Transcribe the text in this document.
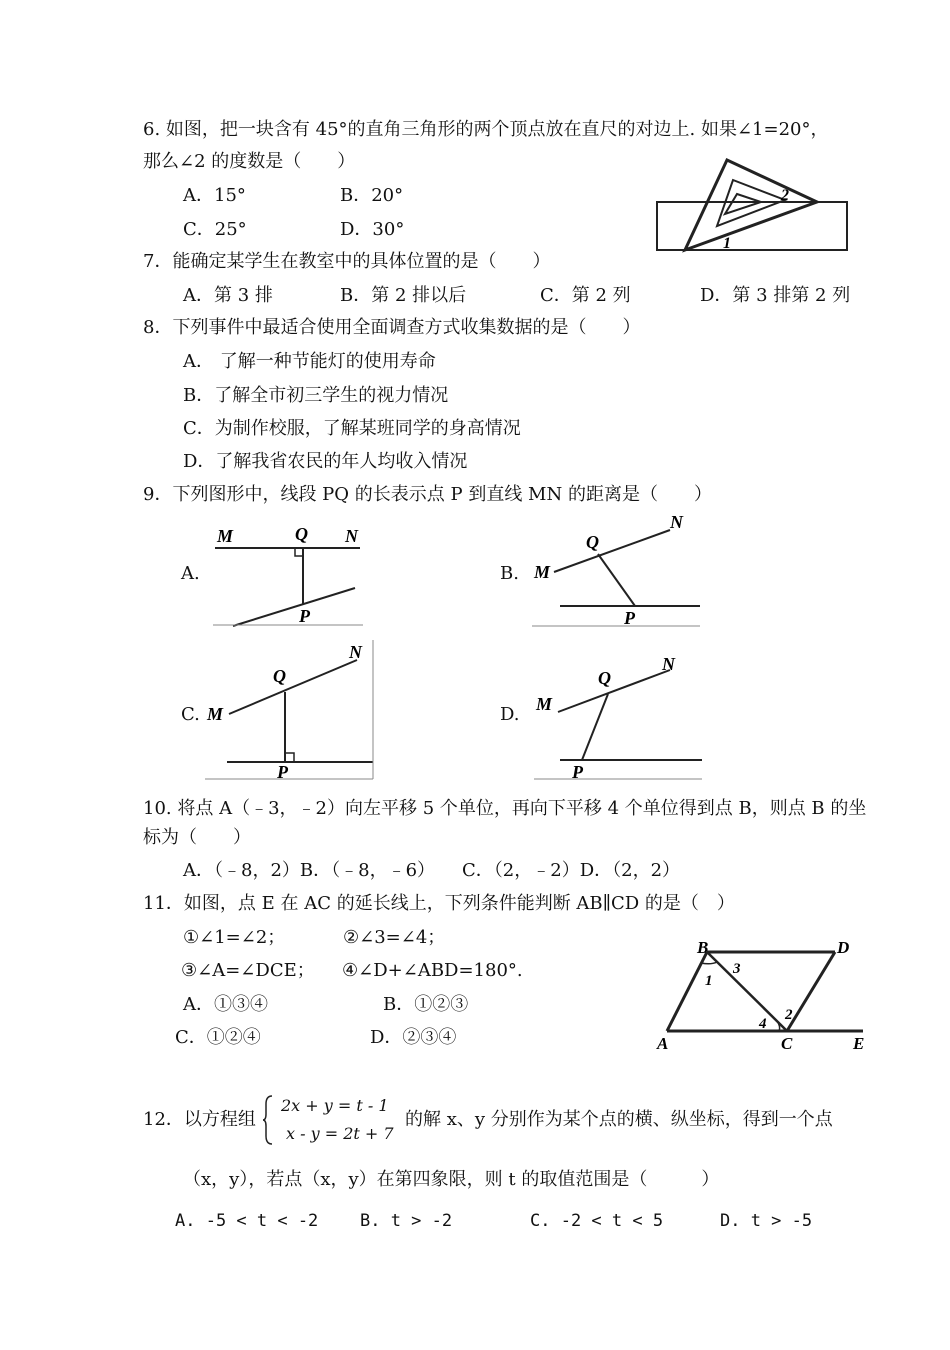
6. 如图，把一块含有 45°的直角三角形的两个顶点放在直尺的对边上. 如果∠1=20°，
那么∠2 的度数是（　　）
A．15°	B．20°
C．25°	D．30°
2
1
7．能确定某学生在教室中的具体位置的是（　　）
A．第 3 排	B．第 2 排以后	C．第 2 列	D．第 3 排第 2 列
8．下列事件中最适合使用全面调查方式收集数据的是（　　）
A． 了解一种节能灯的使用寿命
B．了解全市初三学生的视力情况
C．为制作校服，了解某班同学的身高情况
D．了解我省农民的年人均收入情况
9．下列图形中，线段 PQ 的长表示点 P 到直线 MN 的距离是（　　）
A.
M	Q N
P
B. M
Q
N
P
C. M
Q
N
P
D. M
Q
N
P
10. 将点 A（﹣3，﹣2）向左平移 5 个单位，再向下平移 4 个单位得到点 B，则点 B 的坐
标为（　　）
A．（﹣8，2）B．（﹣8，﹣6）　　C．（2，﹣2）D．（2，2）
11．如图，点 E 在 AC 的延长线上，下列条件能判断 AB∥CD 的是（　）
①∠1=∠2；	②∠3=∠4；
③∠A=∠DCE； ④∠D+∠ABD=180°.
A．①③④	B．①②③
C．①②④	D．②③④
B	D
A	C	E
1
3
2
4
12．以方程组
2x + y = t - 1
x - y = 2t + 7
的解 x、y 分别作为某个点的横、纵坐标，得到一个点
（x，y），若点（x，y）在第四象限，则 t 的取值范围是（　　　）
A. -5 < t < -2 B. t > -2	C. -2 < t < 5	D. t > -5
